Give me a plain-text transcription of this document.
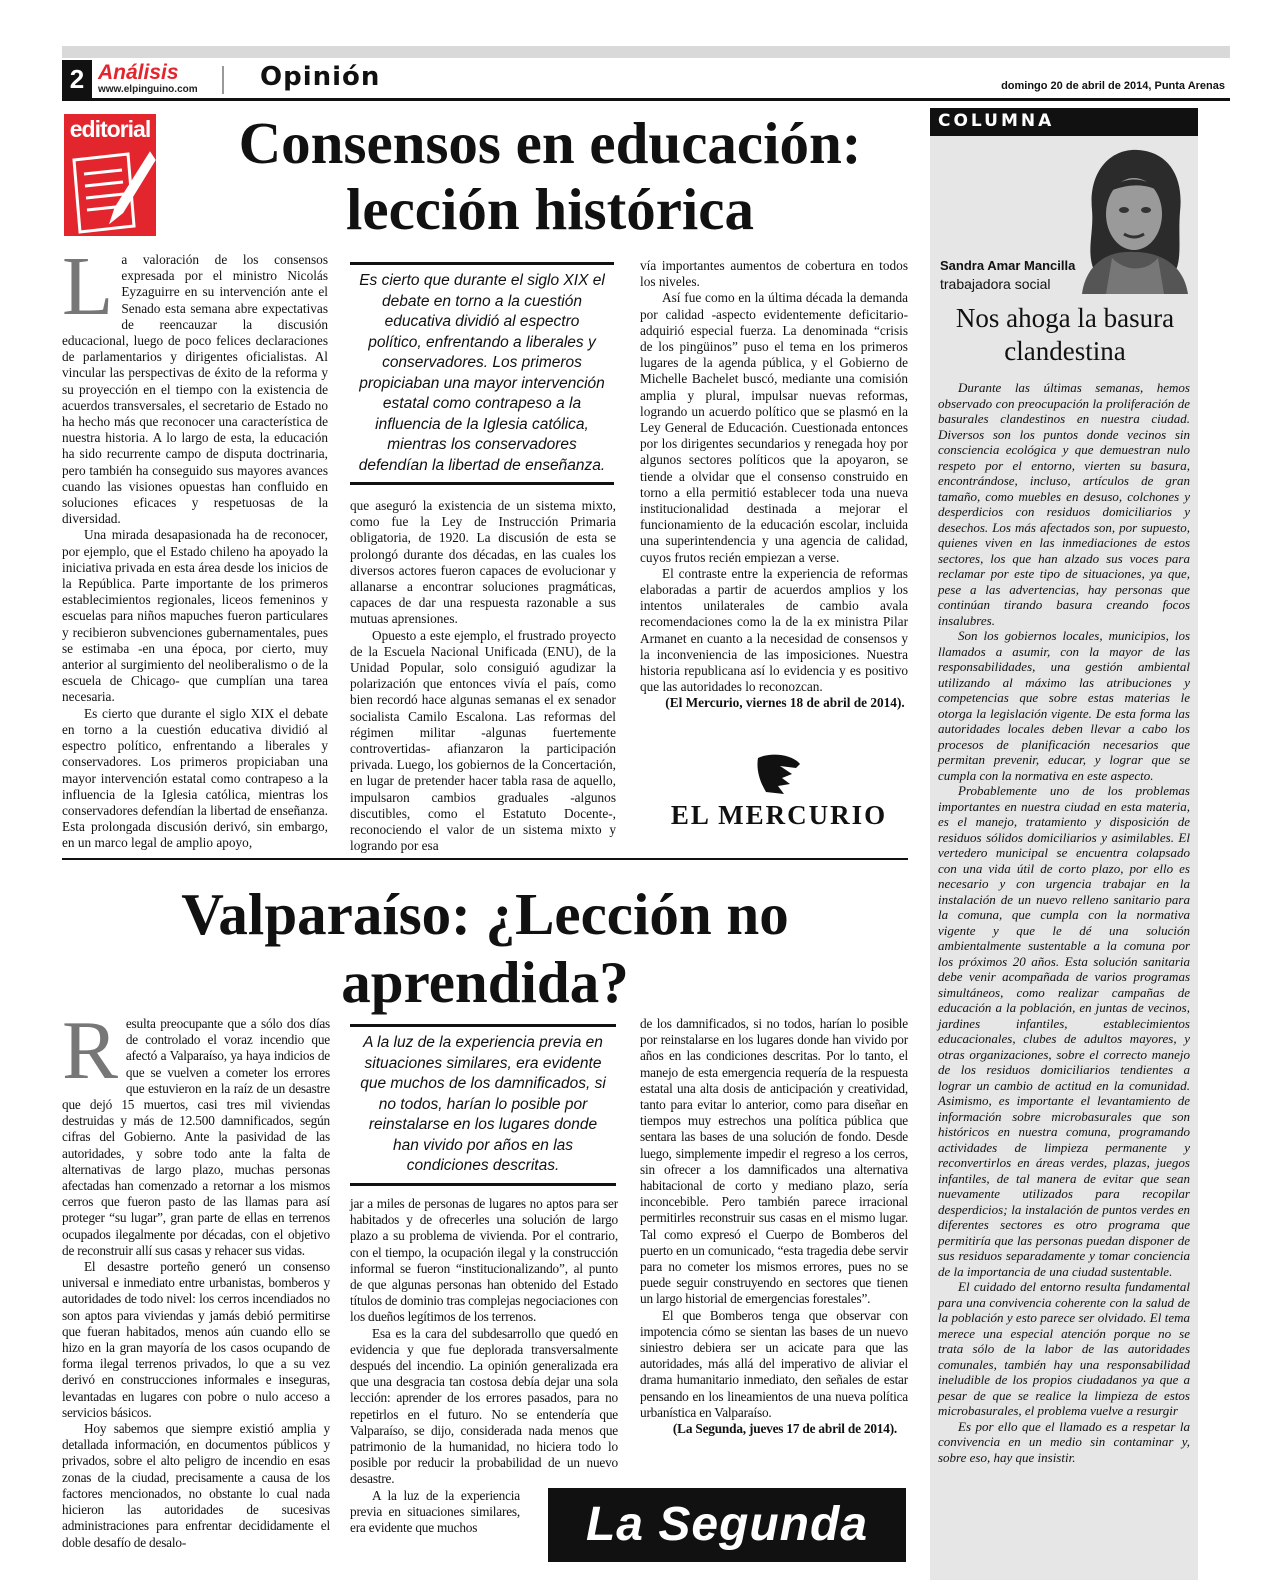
2 Análisis
www.elpinguino.com	Opinión	domingo 20 de abril de 2014, Punta Arenas
editorial	Consensos en educación:
lección histórica

La valoración de los consensos expresada por el ministro Nicolás Eyzaguirre en su intervención ante el Senado esta semana abre expectativas de reencauzar la discusión educacional, luego de poco felices declaraciones de parlamentarios y dirigentes oficialistas. Al vincular las perspectivas de éxito de la reforma y su proyección en el tiempo con la existencia de acuerdos transversales, el secretario de Estado no ha hecho más que reconocer una característica de nuestra historia. A lo largo de esta, la educación ha sido recurrente campo de disputa doctrinaria, pero también ha conseguido sus mayores avances cuando las visiones opuestas han confluido en soluciones eficaces y respetuosas de la diversidad.

Una mirada desapasionada ha de reconocer, por ejemplo, que el Estado chileno ha apoyado la iniciativa privada en esta área desde los inicios de la República. Parte importante de los primeros establecimientos regionales, liceos femeninos y escuelas para niños mapuches fueron particulares y recibieron subvenciones gubernamentales, pues se estimaba -en una época, por cierto, muy anterior al surgimiento del neoliberalismo o de la escuela de Chicago- que cumplían una tarea necesaria.

Es cierto que durante el siglo XIX el debate en torno a la cuestión educativa dividió al espectro político, enfrentando a liberales y conservadores. Los primeros propiciaban una mayor intervención estatal como contrapeso a la influencia de la Iglesia católica, mientras los conservadores defendían la libertad de enseñanza. Esta prolongada discusión derivó, sin embargo, en un marco legal de amplio apoyo,

Es cierto que durante el siglo XIX el debate en torno a la cuestión educativa dividió al espectro político, enfrentando a liberales y conservadores. Los primeros propiciaban una mayor intervención estatal como contrapeso a la influencia de la Iglesia católica, mientras los conservadores defendían la libertad de enseñanza.

que aseguró la existencia de un sistema mixto, como fue la Ley de Instrucción Primaria obligatoria, de 1920. La discusión de esta se prolongó durante dos décadas, en las cuales los diversos actores fueron capaces de evolucionar y allanarse a encontrar soluciones pragmáticas, capaces de dar una respuesta razonable a sus mutuas aprensiones.

Opuesto a este ejemplo, el frustrado proyecto de la Escuela Nacional Unificada (ENU), de la Unidad Popular, solo consiguió agudizar la polarización que entonces vivía el país, como bien recordó hace algunas semanas el ex senador socialista Camilo Escalona. Las reformas del régimen militar -algunas fuertemente controvertidas- afianzaron la participación privada. Luego, los gobiernos de la Concertación, en lugar de pretender hacer tabla rasa de aquello, impulsaron cambios graduales -algunos discutibles, como el Estatuto Docente-, reconociendo el valor de un sistema mixto y logrando por esa

vía importantes aumentos de cobertura en todos los niveles.

Así fue como en la última década la demanda por calidad -aspecto evidentemente deficitario- adquirió especial fuerza. La denominada “crisis de los pingüinos” puso el tema en los primeros lugares de la agenda pública, y el Gobierno de Michelle Bachelet buscó, mediante una comisión amplia y plural, impulsar nuevas reformas, logrando un acuerdo político que se plasmó en la Ley General de Educación. Cuestionada entonces por los dirigentes secundarios y renegada hoy por algunos sectores políticos que la apoyaron, se tiende a olvidar que el consenso construido en torno a ella permitió establecer toda una nueva institucionalidad destinada a mejorar el funcionamiento de la educación escolar, incluida una superintendencia y una agencia de calidad, cuyos frutos recién empiezan a verse.

El contraste entre la experiencia de reformas elaboradas a partir de acuerdos amplios y los intentos unilaterales de cambio avala recomendaciones como la de la ex ministra Pilar Armanet en cuanto a la necesidad de consensos y la inconveniencia de las imposiciones. Nuestra historia republicana así lo evidencia y es positivo que las autoridades lo reconozcan.

(El Mercurio, viernes 18 de abril de 2014).

EL MERCURIO
Valparaíso: ¿Lección no
aprendida?

Resulta preocupante que a sólo dos días de controlado el voraz incendio que afectó a Valparaíso, ya haya indicios de que se vuelven a cometer los errores que estuvieron en la raíz de un desastre que dejó 15 muertos, casi tres mil viviendas destruidas y más de 12.500 damnificados, según cifras del Gobierno. Ante la pasividad de las autoridades, y sobre todo ante la falta de alternativas de largo plazo, muchas personas afectadas han comenzado a retornar a los mismos cerros que fueron pasto de las llamas para así proteger “su lugar”, gran parte de ellas en terrenos ocupados ilegalmente por décadas, con el objetivo de reconstruir allí sus casas y rehacer sus vidas.

El desastre porteño generó un consenso universal e inmediato entre urbanistas, bomberos y autoridades de todo nivel: los cerros incendiados no son aptos para viviendas y jamás debió permitirse que fueran habitados, menos aún cuando ello se hizo en la gran mayoría de los casos ocupando de forma ilegal terrenos privados, lo que a su vez derivó en construcciones informales e inseguras, levantadas en lugares con pobre o nulo acceso a servicios básicos.

Hoy sabemos que siempre existió amplia y detallada información, en documentos públicos y privados, sobre el alto peligro de incendio en esas zonas de la ciudad, precisamente a causa de los factores mencionados, no obstante lo cual nada hicieron las autoridades de sucesivas administraciones para enfrentar decididamente el doble desafío de desalo-

A la luz de la experiencia previa en situaciones similares, era evidente que muchos de los damnificados, si no todos, harían lo posible por reinstalarse en los lugares donde han vivido por años en las condiciones descritas.

jar a miles de personas de lugares no aptos para ser habitados y de ofrecerles una solución de largo plazo a su problema de vivienda. Por el contrario, con el tiempo, la ocupación ilegal y la construcción informal se fueron “institucionalizando”, al punto de que algunas personas han obtenido del Estado títulos de dominio tras complejas negociaciones con los dueños legítimos de los terrenos.

Esa es la cara del subdesarrollo que quedó en evidencia y que fue deplorada transversalmente después del incendio. La opinión generalizada era que una desgracia tan costosa debía dejar una sola lección: aprender de los errores pasados, para no repetirlos en el futuro. No se entendería que Valparaíso, se dijo, considerada nada menos que patrimonio de la humanidad, no hiciera todo lo posible por reducir la probabilidad de un nuevo desastre.

A la luz de la experiencia previa en situaciones similares, era evidente que muchos

de los damnificados, si no todos, harían lo posible por reinstalarse en los lugares donde han vivido por años en las condiciones descritas. Por lo tanto, el manejo de esta emergencia requería de la respuesta estatal una alta dosis de anticipación y creatividad, tanto para evitar lo anterior, como para diseñar en tiempos muy estrechos una política pública que sentara las bases de una solución de fondo. Desde luego, simplemente impedir el regreso a los cerros, sin ofrecer a los damnificados una alternativa habitacional de corto y mediano plazo, sería inconcebible. Pero también parece irracional permitirles reconstruir sus casas en el mismo lugar. Tal como expresó el Cuerpo de Bomberos del puerto en un comunicado, “esta tragedia debe servir para no cometer los mismos errores, pues no se puede seguir construyendo en sectores que tienen un largo historial de emergencias forestales”.

El que Bomberos tenga que observar con impotencia cómo se sientan las bases de un nuevo siniestro debiera ser un acicate para que las autoridades, más allá del imperativo de aliviar el drama humanitario inmediato, den señales de estar pensando en los lineamientos de una nueva política urbanística en Valparaíso.

(La Segunda, jueves 17 de abril de 2014).

La Segunda
COLUMNA
Sandra Amar Mancilla
trabajadora social
Nos ahoga la basura clandestina

Durante las últimas semanas, hemos observado con preocupación la proliferación de basurales clandestinos en nuestra ciudad. Diversos son los puntos donde vecinos sin consciencia ecológica y que demuestran nulo respeto por el entorno, vierten su basura, encontrándose, incluso, artículos de gran tamaño, como muebles en desuso, colchones y desperdicios con residuos domiciliarios y desechos. Los más afectados son, por supuesto, quienes viven en las inmediaciones de estos sectores, los que han alzado sus voces para reclamar por este tipo de situaciones, ya que, pese a las advertencias, hay personas que continúan tirando basura creando focos insalubres.

Son los gobiernos locales, municipios, los llamados a asumir, con la mayor de las responsabilidades, una gestión ambiental utilizando al máximo las atribuciones y competencias que sobre estas materias le otorga la legislación vigente. De esta forma las autoridades locales deben llevar a cabo los procesos de planificación necesarios que permitan prevenir, educar, y lograr que se cumpla con la normativa en este aspecto.

Probablemente uno de los problemas importantes en nuestra ciudad en esta materia, es el manejo, tratamiento y disposición de residuos sólidos domiciliarios y asimilables. El vertedero municipal se encuentra colapsado con una vida útil de corto plazo, por ello es necesario y con urgencia trabajar en la instalación de un nuevo relleno sanitario para la comuna, que cumpla con la normativa vigente y que le dé una solución ambientalmente sustentable a la comuna por los próximos 20 años. Esta solución sanitaria debe venir acompañada de varios programas simultáneos, como realizar campañas de educación a la población, en juntas de vecinos, jardines infantiles, establecimientos educacionales, clubes de adultos mayores, y otras organizaciones, sobre el correcto manejo de los residuos domiciliarios tendientes a lograr un cambio de actitud en la comunidad. Asimismo, es importante el levantamiento de información sobre microbasurales que son históricos en nuestra comuna, programando actividades de limpieza permanente y reconvertirlos en áreas verdes, plazas, juegos infantiles, de tal manera de evitar que sean nuevamente utilizados para recopilar desperdicios; la instalación de puntos verdes en diferentes sectores es otro programa que permitiría que las personas puedan disponer de sus residuos separadamente y tomar conciencia de la importancia de una ciudad sustentable.

El cuidado del entorno resulta fundamental para una convivencia coherente con la salud de la población y esto parece ser olvidado. El tema merece una especial atención porque no se trata sólo de la labor de las autoridades comunales, también hay una responsabilidad ineludible de los propios ciudadanos ya que a pesar de que se realice la limpieza de estos microbasurales, el problema vuelve a resurgir

Es por ello que el llamado es a respetar la convivencia en un medio sin contaminar y, sobre eso, hay que insistir.
